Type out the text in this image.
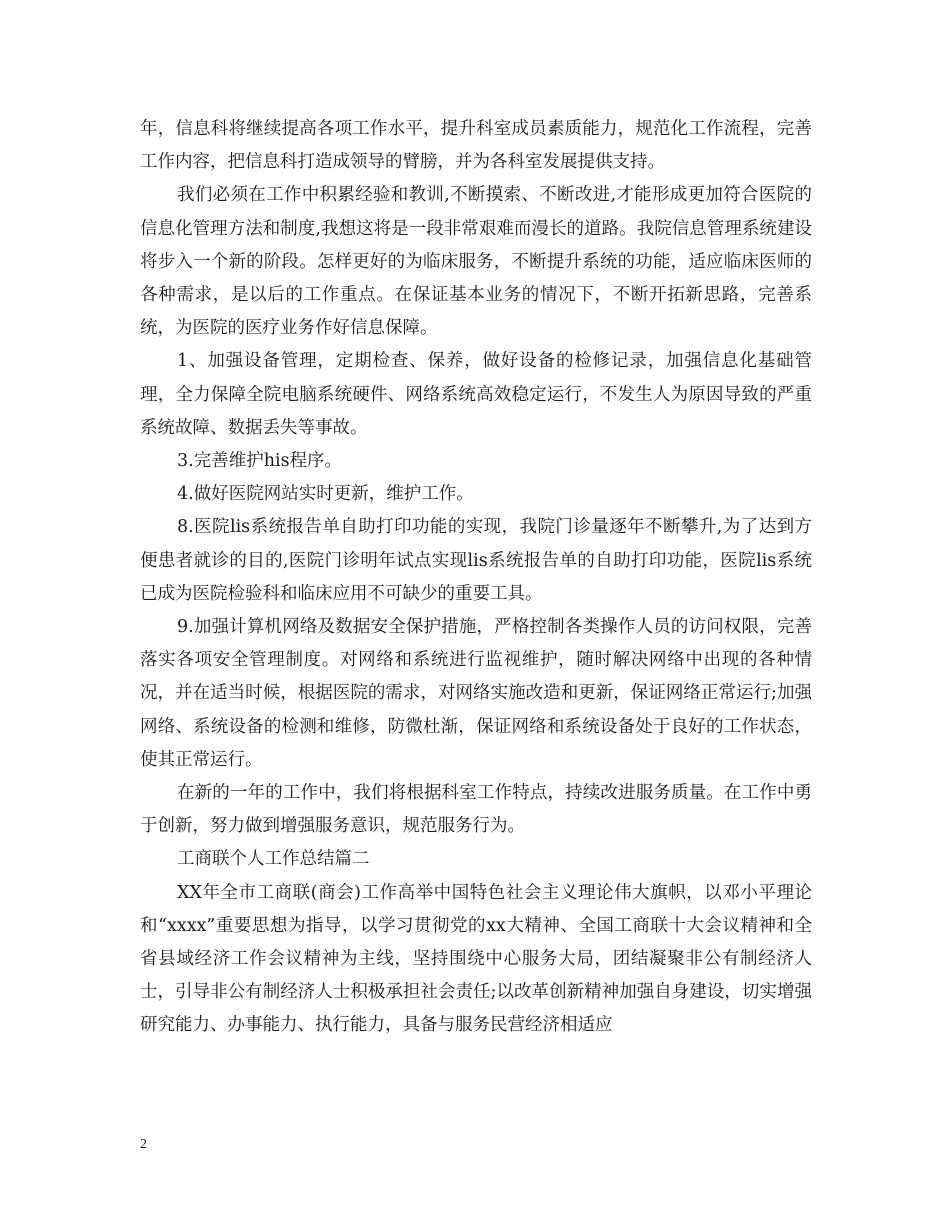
年，信息科将继续提高各项工作水平，提升科室成员素质能力，规范化工作流程，完善工作内容，把信息科打造成领导的臂膀，并为各科室发展提供支持。

我们必须在工作中积累经验和教训,不断摸索、不断改进,才能形成更加符合医院的信息化管理方法和制度,我想这将是一段非常艰难而漫长的道路。我院信息管理系统建设将步入一个新的阶段。怎样更好的为临床服务，不断提升系统的功能，适应临床医师的各种需求，是以后的工作重点。在保证基本业务的情况下，不断开拓新思路，完善系统，为医院的医疗业务作好信息保障。

1、加强设备管理，定期检查、保养，做好设备的检修记录，加强信息化基础管理，全力保障全院电脑系统硬件、网络系统高效稳定运行，不发生人为原因导致的严重系统故障、数据丢失等事故。

3.完善维护his程序。

4.做好医院网站实时更新，维护工作。

8.医院lis系统报告单自助打印功能的实现，我院门诊量逐年不断攀升,为了达到方便患者就诊的目的,医院门诊明年试点实现lis系统报告单的自助打印功能，医院lis系统已成为医院检验科和临床应用不可缺少的重要工具。

9.加强计算机网络及数据安全保护措施，严格控制各类操作人员的访问权限，完善落实各项安全管理制度。对网络和系统进行监视维护，随时解决网络中出现的各种情况，并在适当时候，根据医院的需求，对网络实施改造和更新，保证网络正常运行;加强网络、系统设备的检测和维修，防微杜渐，保证网络和系统设备处于良好的工作状态，使其正常运行。

在新的一年的工作中，我们将根据科室工作特点，持续改进服务质量。在工作中勇于创新，努力做到增强服务意识，规范服务行为。

工商联个人工作总结篇二

XX年全市工商联(商会)工作高举中国特色社会主义理论伟大旗帜，以邓小平理论和“xxxx”重要思想为指导，以学习贯彻党的xx大精神、全国工商联十大会议精神和全省县域经济工作会议精神为主线，坚持围绕中心服务大局，团结凝聚非公有制经济人士，引导非公有制经济人士积极承担社会责任;以改革创新精神加强自身建设，切实增强研究能力、办事能力、执行能力，具备与服务民营经济相适应

2
